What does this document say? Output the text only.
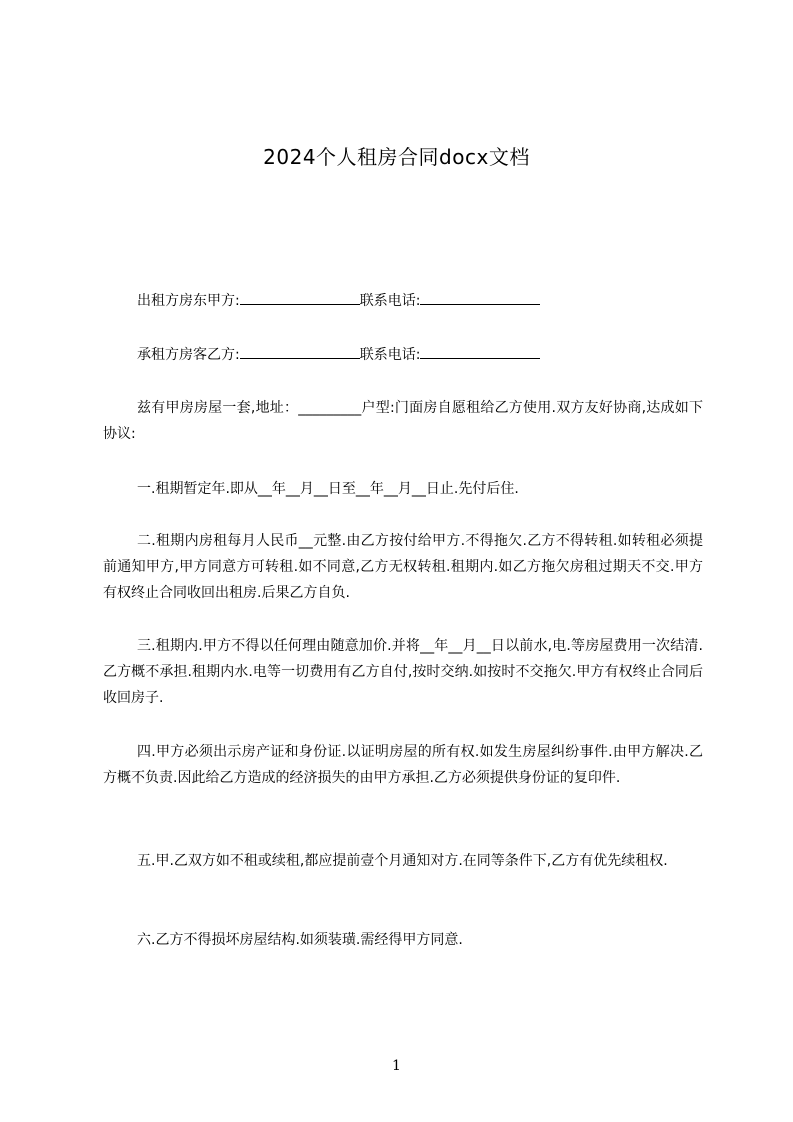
2024个人租房合同docx文档
出租方房东甲方:	联系电话:
承租方房客乙方:	联系电话:
兹有甲房房屋一套,地址：_________户型:门面房自愿租给乙方使用.双方友好协商,达成如下协议:
一.租期暂定年.即从__年__月__日至__年__月__日止.先付后住.
二.租期内房租每月人民币__元整.由乙方按付给甲方.不得拖欠.乙方不得转租.如转租必须提前通知甲方,甲方同意方可转租.如不同意,乙方无权转租.租期内.如乙方拖欠房租过期天不交.甲方有权终止合同收回出租房.后果乙方自负.
三.租期内.甲方不得以任何理由随意加价.并将__年__月__日以前水,电.等房屋费用一次结清.乙方概不承担.租期内水.电等一切费用有乙方自付,按时交纳.如按时不交拖欠.甲方有权终止合同后收回房子.
四.甲方必须出示房产证和身份证.以证明房屋的所有权.如发生房屋纠纷事件.由甲方解决.乙方概不负责.因此给乙方造成的经济损失的由甲方承担.乙方必须提供身份证的复印件.
五.甲.乙双方如不租或续租,都应提前壹个月通知对方.在同等条件下,乙方有优先续租权.
六.乙方不得损坏房屋结构.如须装璜.需经得甲方同意.
1
